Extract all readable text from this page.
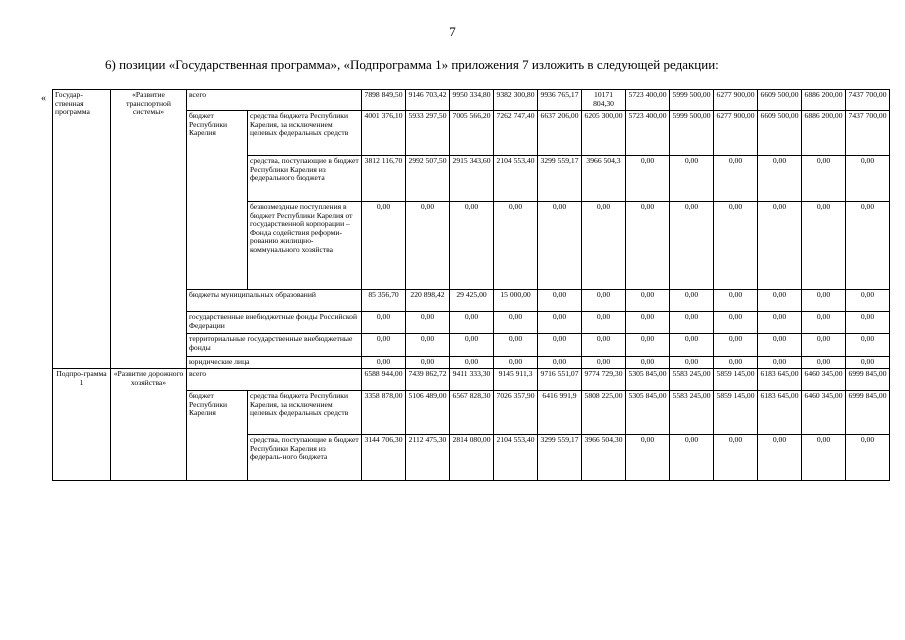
7
6) позиции «Государственная программа», «Подпрограмма 1» приложения 7 изложить в следующей редакции:
« Государ-ственная программа	«Развитие транспортной системы»	всего		7898 849,50	9146 703,42	9950 334,80	9382 300,80	9936 765,17	10171 804,30	5723 400,00	5999 500,00	6277 900,00	6609 500,00	6886 200,00	7437 700,00
		бюджет Республики Карелия	средства бюджета Республики Карелия, за исключением целевых федеральных средств	4001 376,10	5933 297,50	7005 566,20	7262 747,40	6637 206,00	6205 300,00	5723 400,00	5999 500,00	6277 900,00	6609 500,00	6886 200,00	7437 700,00
			средства, поступающие в бюджет Республики Карелия из федерального бюджета	3812 116,70	2992 507,50	2915 343,60	2104 553,40	3299 559,17	3966 504,3	0,00	0,00	0,00	0,00	0,00	0,00
			безвозмездные поступления в бюджет Республики Карелия от государственной корпорации – Фонда содействия реформи-рованию жилищно-коммунального хозяйства	0,00	0,00	0,00	0,00	0,00	0,00	0,00	0,00	0,00	0,00	0,00	0,00
		бюджеты муниципальных образований		85 356,70	220 898,42	29 425,00	15 000,00	0,00	0,00	0,00	0,00	0,00	0,00	0,00	0,00
		государственные внебюджетные фонды Российской Федерации		0,00	0,00	0,00	0,00	0,00	0,00	0,00	0,00	0,00	0,00	0,00	0,00
		территориальные государственные внебюджетные фонды		0,00	0,00	0,00	0,00	0,00	0,00	0,00	0,00	0,00	0,00	0,00	0,00
		юридические лица		0,00	0,00	0,00	0,00	0,00	0,00	0,00	0,00	0,00	0,00	0,00	0,00

Подпро-грамма 1	«Развитие дорожного хозяйства»	всего		6588 944,00	7439 862,72	9411 333,30	9145 911,3	9716 551,07	9774 729,30	5305 845,00	5583 245,00	5859 145,00	6183 645,00	6460 345,00	6999 845,00
		бюджет Республики Карелия	средства бюджета Республики Карелия, за исключением целевых федеральных средств	3358 878,00	5106 489,00	6567 828,30	7026 357,90	6416 991,9	5808 225,00	5305 845,00	5583 245,00	5859 145,00	6183 645,00	6460 345,00	6999 845,00
			средства, поступающие в бюджет Республики Карелия из федераль-ного бюджета	3144 706,30	2112 475,30	2814 080,00	2104 553,40	3299 559,17	3966 504,30	0,00	0,00	0,00	0,00	0,00	0,00
